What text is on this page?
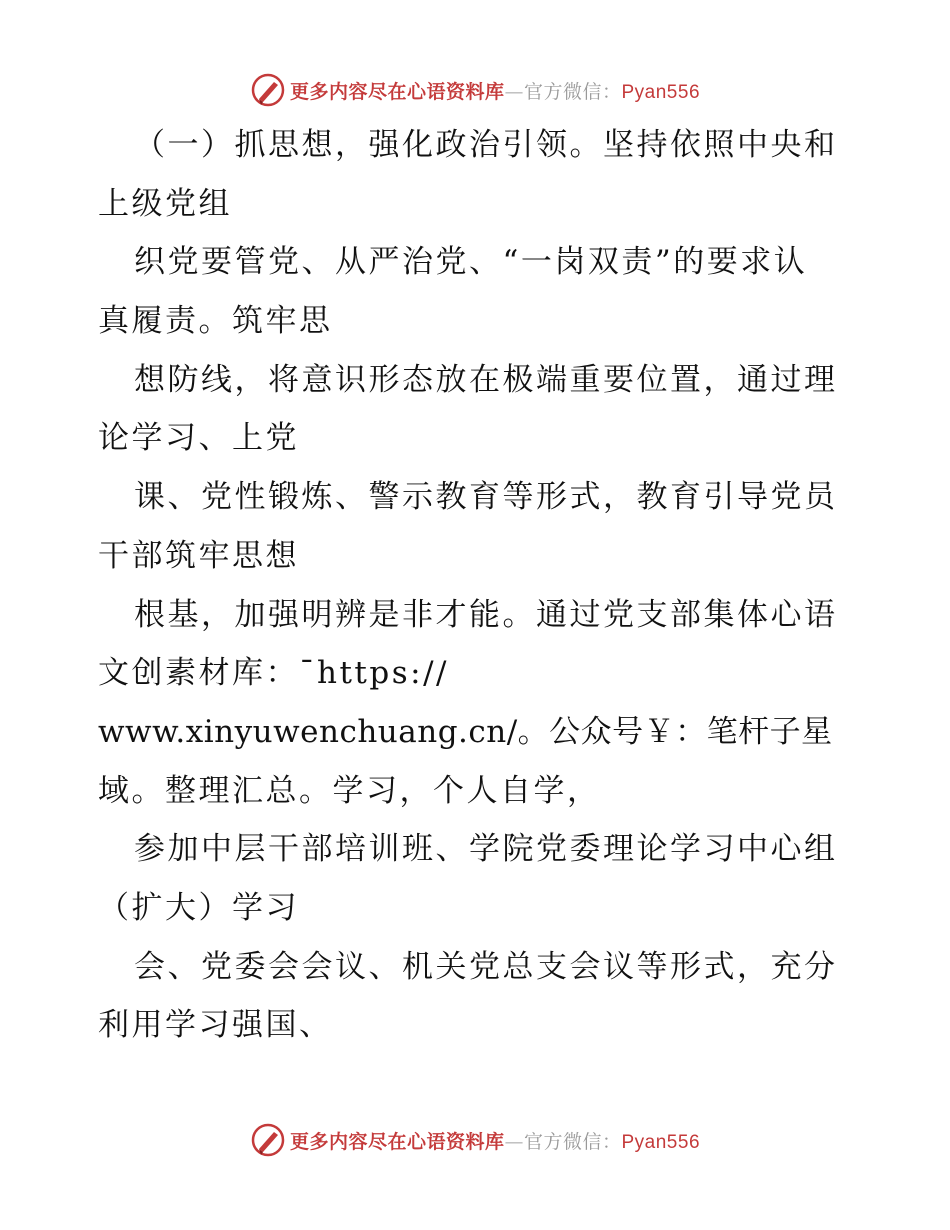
更多内容尽在心语资料库—官方微信：Pyan556
（一）抓思想，强化政治引领。坚持依照中央和
上级党组
织党要管党、从严治党、“一岗双责”的要求认
真履责。筑牢思
想防线，将意识形态放在极端重要位置，通过理
论学习、上党
课、党性锻炼、警示教育等形式，教育引导党员
干部筑牢思想
根基，加强明辨是非才能。通过党支部集体心语
文创素材库：¯https://
www.xinyuwenchuang.cn/。公众号￥：笔杆子星
域。整理汇总。学习，个人自学，
参加中层干部培训班、学院党委理论学习中心组
（扩大）学习
会、党委会会议、机关党总支会议等形式，充分
利用学习强国、
更多内容尽在心语资料库—官方微信：Pyan556
